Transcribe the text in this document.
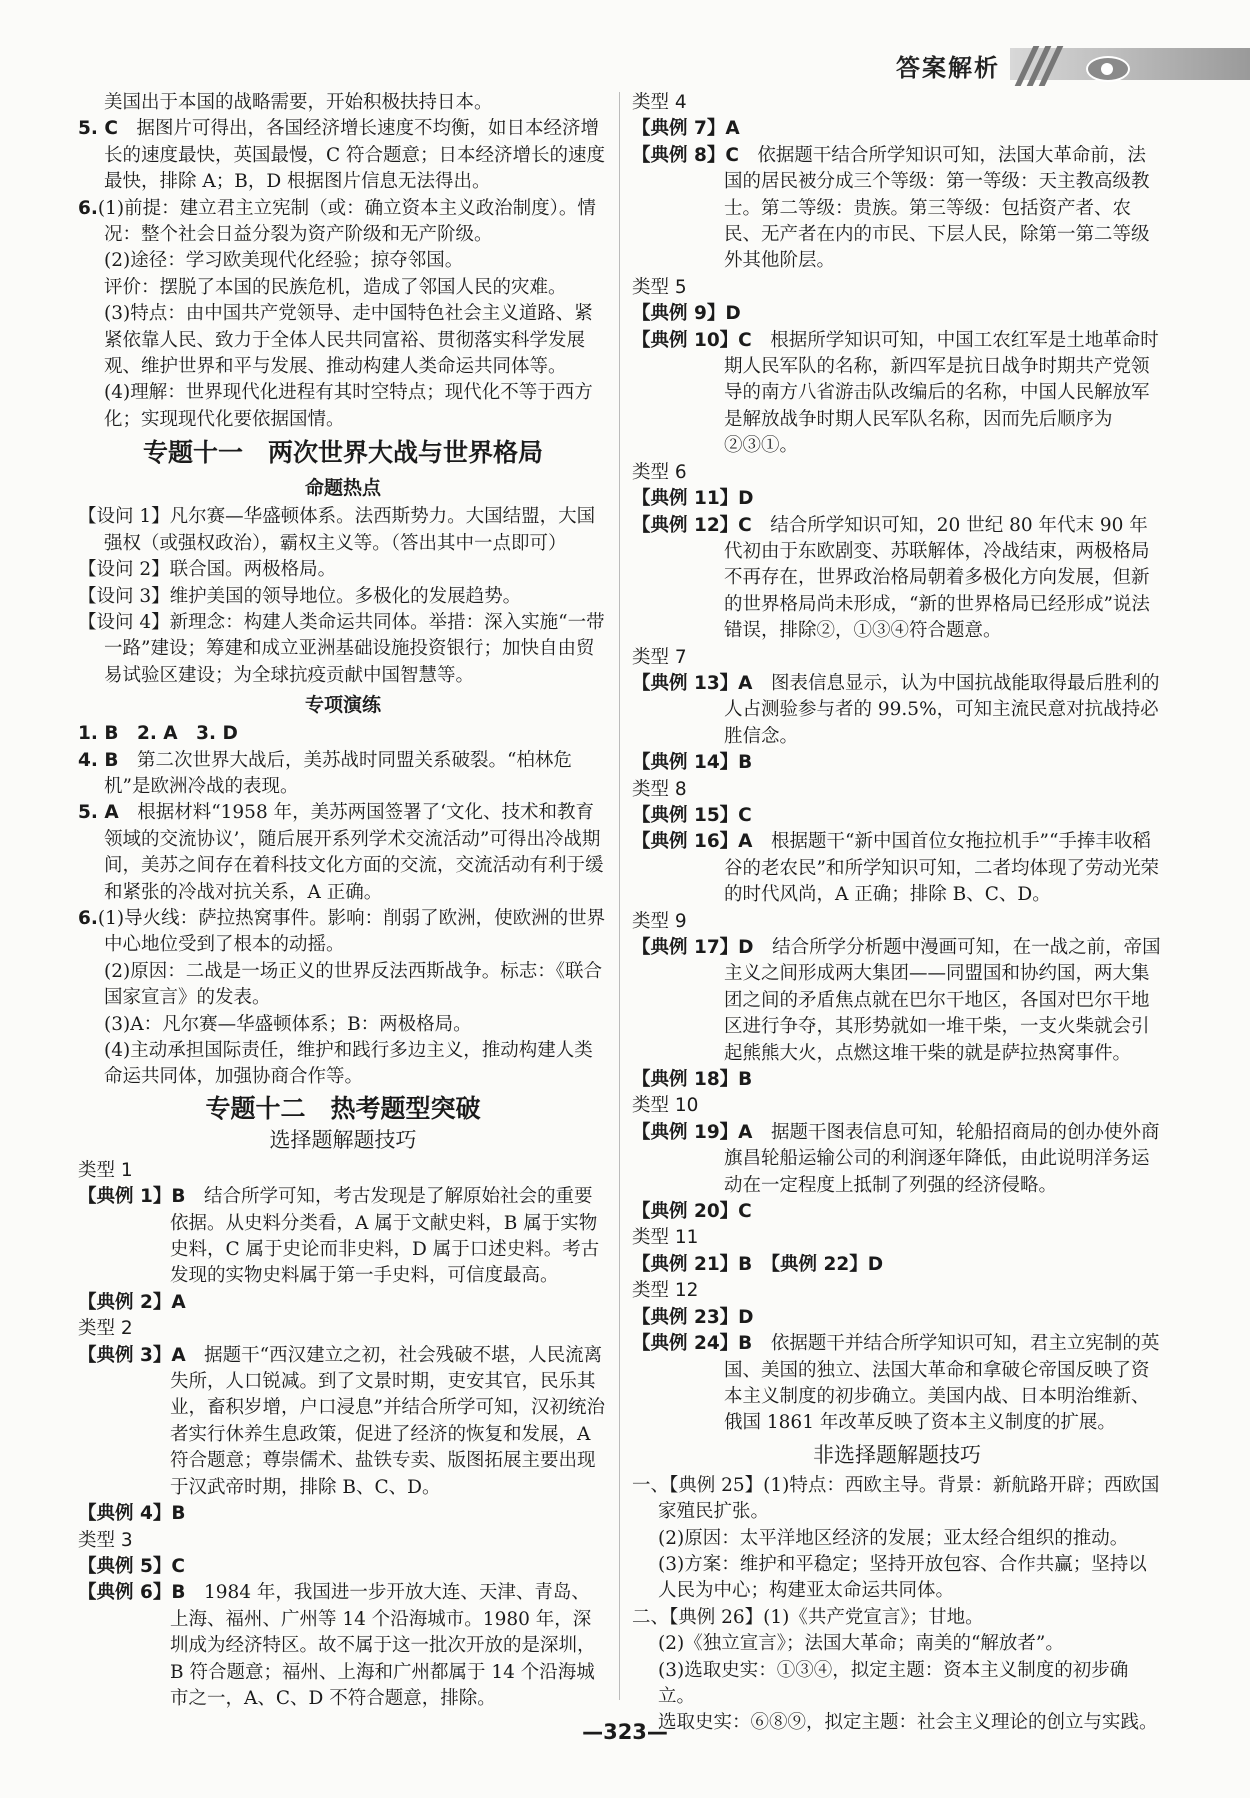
答案解析

美国出于本国的战略需要，开始积极扶持日本。

5. C　 据图片可得出，各国经济增长速度不均衡，如日本经济增长的速度最快，英国最慢，C 符合题意；日本经济增长的速度最快，排除 A；B，D 根据图片信息无法得出。

6.(1)前提：建立君主立宪制（或：确立资本主义政治制度）。情况：整个社会日益分裂为资产阶级和无产阶级。

(2)途径：学习欧美现代化经验；掠夺邻国。

评价：摆脱了本国的民族危机，造成了邻国人民的灾难。

(3)特点：由中国共产党领导、走中国特色社会主义道路、紧紧依靠人民、致力于全体人民共同富裕、贯彻落实科学发展观、维护世界和平与发展、推动构建人类命运共同体等。

(4)理解：世界现代化进程有其时空特点；现代化不等于西方化；实现现代化要依据国情。

专题十一　两次世界大战与世界格局
命题热点

【设问 1】凡尔赛—华盛顿体系。法西斯势力。大国结盟，大国强权（或强权政治），霸权主义等。（答出其中一点即可）

【设问 2】联合国。两极格局。

【设问 3】维护美国的领导地位。多极化的发展趋势。

【设问 4】新理念：构建人类命运共同体。举措：深入实施“一带一路”建设；筹建和成立亚洲基础设施投资银行；加快自由贸易试验区建设；为全球抗疫贡献中国智慧等。

专项演练

1. B　2. A　3. D

4. B　 第二次世界大战后，美苏战时同盟关系破裂。“柏林危机”是欧洲冷战的表现。

5. A　 根据材料“1958 年，美苏两国签署了‘文化、技术和教育领域的交流协议’，随后展开系列学术交流活动”可得出冷战期间，美苏之间存在着科技文化方面的交流，交流活动有利于缓和紧张的冷战对抗关系，A 正确。

6.(1)导火线：萨拉热窝事件。影响：削弱了欧洲，使欧洲的世界中心地位受到了根本的动摇。

(2)原因：二战是一场正义的世界反法西斯战争。标志：《联合国家宣言》的发表。

(3)A：凡尔赛—华盛顿体系；B：两极格局。

(4)主动承担国际责任，维护和践行多边主义，推动构建人类命运共同体，加强协商合作等。

专题十二　热考题型突破
选择题解题技巧

类型 1

【典例 1】B　 结合所学可知，考古发现是了解原始社会的重要依据。从史料分类看，A 属于文献史料，B 属于实物史料，C 属于史论而非史料，D 属于口述史料。考古发现的实物史料属于第一手史料，可信度最高。

【典例 2】A

类型 2

【典例 3】A　 据题干“西汉建立之初，社会残破不堪，人民流离失所，人口锐减。到了文景时期，吏安其官，民乐其业，畜积岁增，户口浸息”并结合所学可知，汉初统治者实行休养生息政策，促进了经济的恢复和发展，A 符合题意；尊崇儒术、盐铁专卖、版图拓展主要出现于汉武帝时期，排除 B、C、D。

【典例 4】B

类型 3

【典例 5】C

【典例 6】B　 1984 年，我国进一步开放大连、天津、青岛、上海、福州、广州等 14 个沿海城市。1980 年，深圳成为经济特区。故不属于这一批次开放的是深圳，B 符合题意；福州、上海和广州都属于 14 个沿海城市之一，A、C、D 不符合题意，排除。

类型 4

【典例 7】A

【典例 8】C　 依据题干结合所学知识可知，法国大革命前，法国的居民被分成三个等级：第一等级：天主教高级教士。第二等级：贵族。第三等级：包括资产者、农民、无产者在内的市民、下层人民，除第一第二等级外其他阶层。

类型 5

【典例 9】D

【典例 10】C　 根据所学知识可知，中国工农红军是土地革命时期人民军队的名称，新四军是抗日战争时期共产党领导的南方八省游击队改编后的名称，中国人民解放军是解放战争时期人民军队名称，因而先后顺序为②③①。

类型 6

【典例 11】D

【典例 12】C　 结合所学知识可知，20 世纪 80 年代末 90 年代初由于东欧剧变、苏联解体，冷战结束，两极格局不再存在，世界政治格局朝着多极化方向发展，但新的世界格局尚未形成，“新的世界格局已经形成”说法错误，排除②，①③④符合题意。

类型 7

【典例 13】A　 图表信息显示，认为中国抗战能取得最后胜利的人占测验参与者的 99.5%，可知主流民意对抗战持必胜信念。

【典例 14】B

类型 8

【典例 15】C

【典例 16】A　 根据题干“新中国首位女拖拉机手”“手捧丰收稻谷的老农民”和所学知识可知，二者均体现了劳动光荣的时代风尚，A 正确；排除 B、C、D。

类型 9

【典例 17】D　 结合所学分析题中漫画可知，在一战之前，帝国主义之间形成两大集团——同盟国和协约国，两大集团之间的矛盾焦点就在巴尔干地区，各国对巴尔干地区进行争夺，其形势就如一堆干柴，一支火柴就会引起熊熊大火，点燃这堆干柴的就是萨拉热窝事件。

【典例 18】B

类型 10

【典例 19】A　 据题干图表信息可知，轮船招商局的创办使外商旗昌轮船运输公司的利润逐年降低，由此说明洋务运动在一定程度上抵制了列强的经济侵略。

【典例 20】C

类型 11

【典例 21】B　【典例 22】D

类型 12

【典例 23】D

【典例 24】B　 依据题干并结合所学知识可知，君主立宪制的英国、美国的独立、法国大革命和拿破仑帝国反映了资本主义制度的初步确立。美国内战、日本明治维新、俄国 1861 年改革反映了资本主义制度的扩展。

非选择题解题技巧

一、【典例 25】(1)特点：西欧主导。背景：新航路开辟；西欧国家殖民扩张。

(2)原因：太平洋地区经济的发展；亚太经合组织的推动。

(3)方案：维护和平稳定；坚持开放包容、合作共赢；坚持以人民为中心；构建亚太命运共同体。

二、【典例 26】(1)《共产党宣言》；甘地。

(2)《独立宣言》；法国大革命；南美的“解放者”。

(3)选取史实：①③④，拟定主题：资本主义制度的初步确立。

选取史实：⑥⑧⑨，拟定主题：社会主义理论的创立与实践。

—323—
